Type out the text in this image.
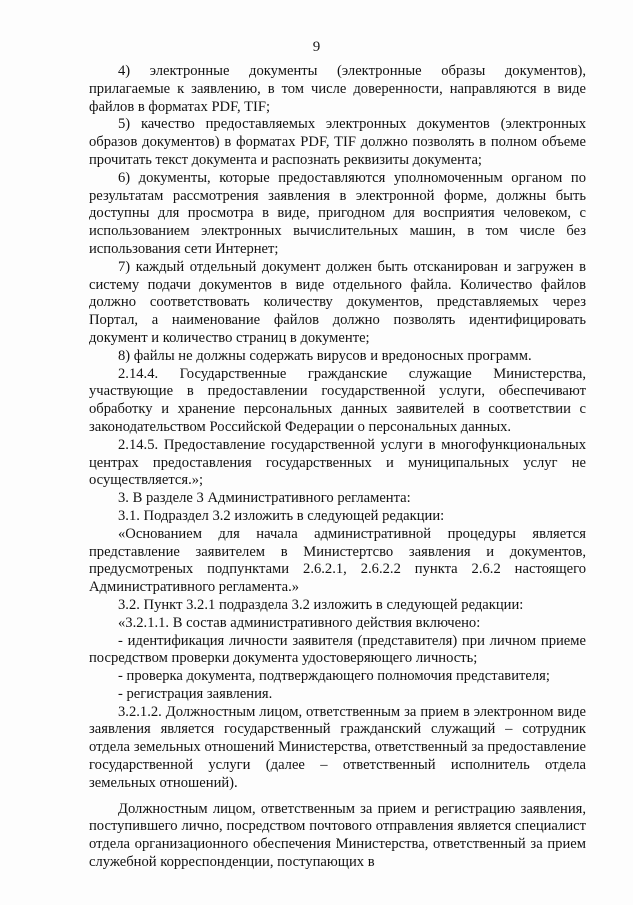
9

4) электронные документы (электронные образы документов), прилагаемые к заявлению, в том числе доверенности, направляются в виде файлов в форматах PDF, TIF;

5) качество предоставляемых электронных документов (электронных образов документов) в форматах PDF, TIF должно позволять в полном объеме прочитать текст документа и распознать реквизиты документа;

6) документы, которые предоставляются уполномоченным органом по результатам рассмотрения заявления в электронной форме, должны быть доступны для просмотра в виде, пригодном для восприятия человеком, с использованием электронных вычислительных машин, в том числе без использования сети Интернет;

7) каждый отдельный документ должен быть отсканирован и загружен в систему подачи документов в виде отдельного файла. Количество файлов должно соответствовать количеству документов, представляемых через Портал, а наименование файлов должно позволять идентифицировать документ и количество страниц в документе;

8) файлы не должны содержать вирусов и вредоносных программ.

2.14.4. Государственные гражданские служащие Министерства, участвующие в предоставлении государственной услуги, обеспечивают обработку и хранение персональных данных заявителей в соответствии с законодательством Российской Федерации о персональных данных.

2.14.5. Предоставление государственной услуги в многофункциональных центрах предоставления государственных и муниципальных услуг не осуществляется.»;

3. В разделе 3 Административного регламента:

3.1. Подраздел 3.2 изложить в следующей редакции:

«Основанием для начала административной процедуры является представление заявителем в Министертсво заявления и документов, предусмотреных подпунктами 2.6.2.1, 2.6.2.2 пункта 2.6.2 настоящего Административного регламента.»

3.2. Пункт 3.2.1 подраздела 3.2 изложить в следующей редакции:

«3.2.1.1. В состав административного действия включено:

- идентификация личности заявителя (представителя) при личном приеме посредством проверки документа удостоверяющего личность;

- проверка документа, подтверждающего полномочия представителя;

- регистрация заявления.

3.2.1.2. Должностным лицом, ответственным за прием в электронном виде заявления является государственный гражданский служащий – сотрудник отдела земельных отношений Министерства, ответственный за предоставление государственной услуги (далее – ответственный исполнитель отдела земельных отношений).

Должностным лицом, ответственным за прием и регистрацию заявления, поступившего лично, посредством почтового отправления является специалист отдела организационного обеспечения Министерства, ответственный за прием служебной корреспонденции, поступающих в
